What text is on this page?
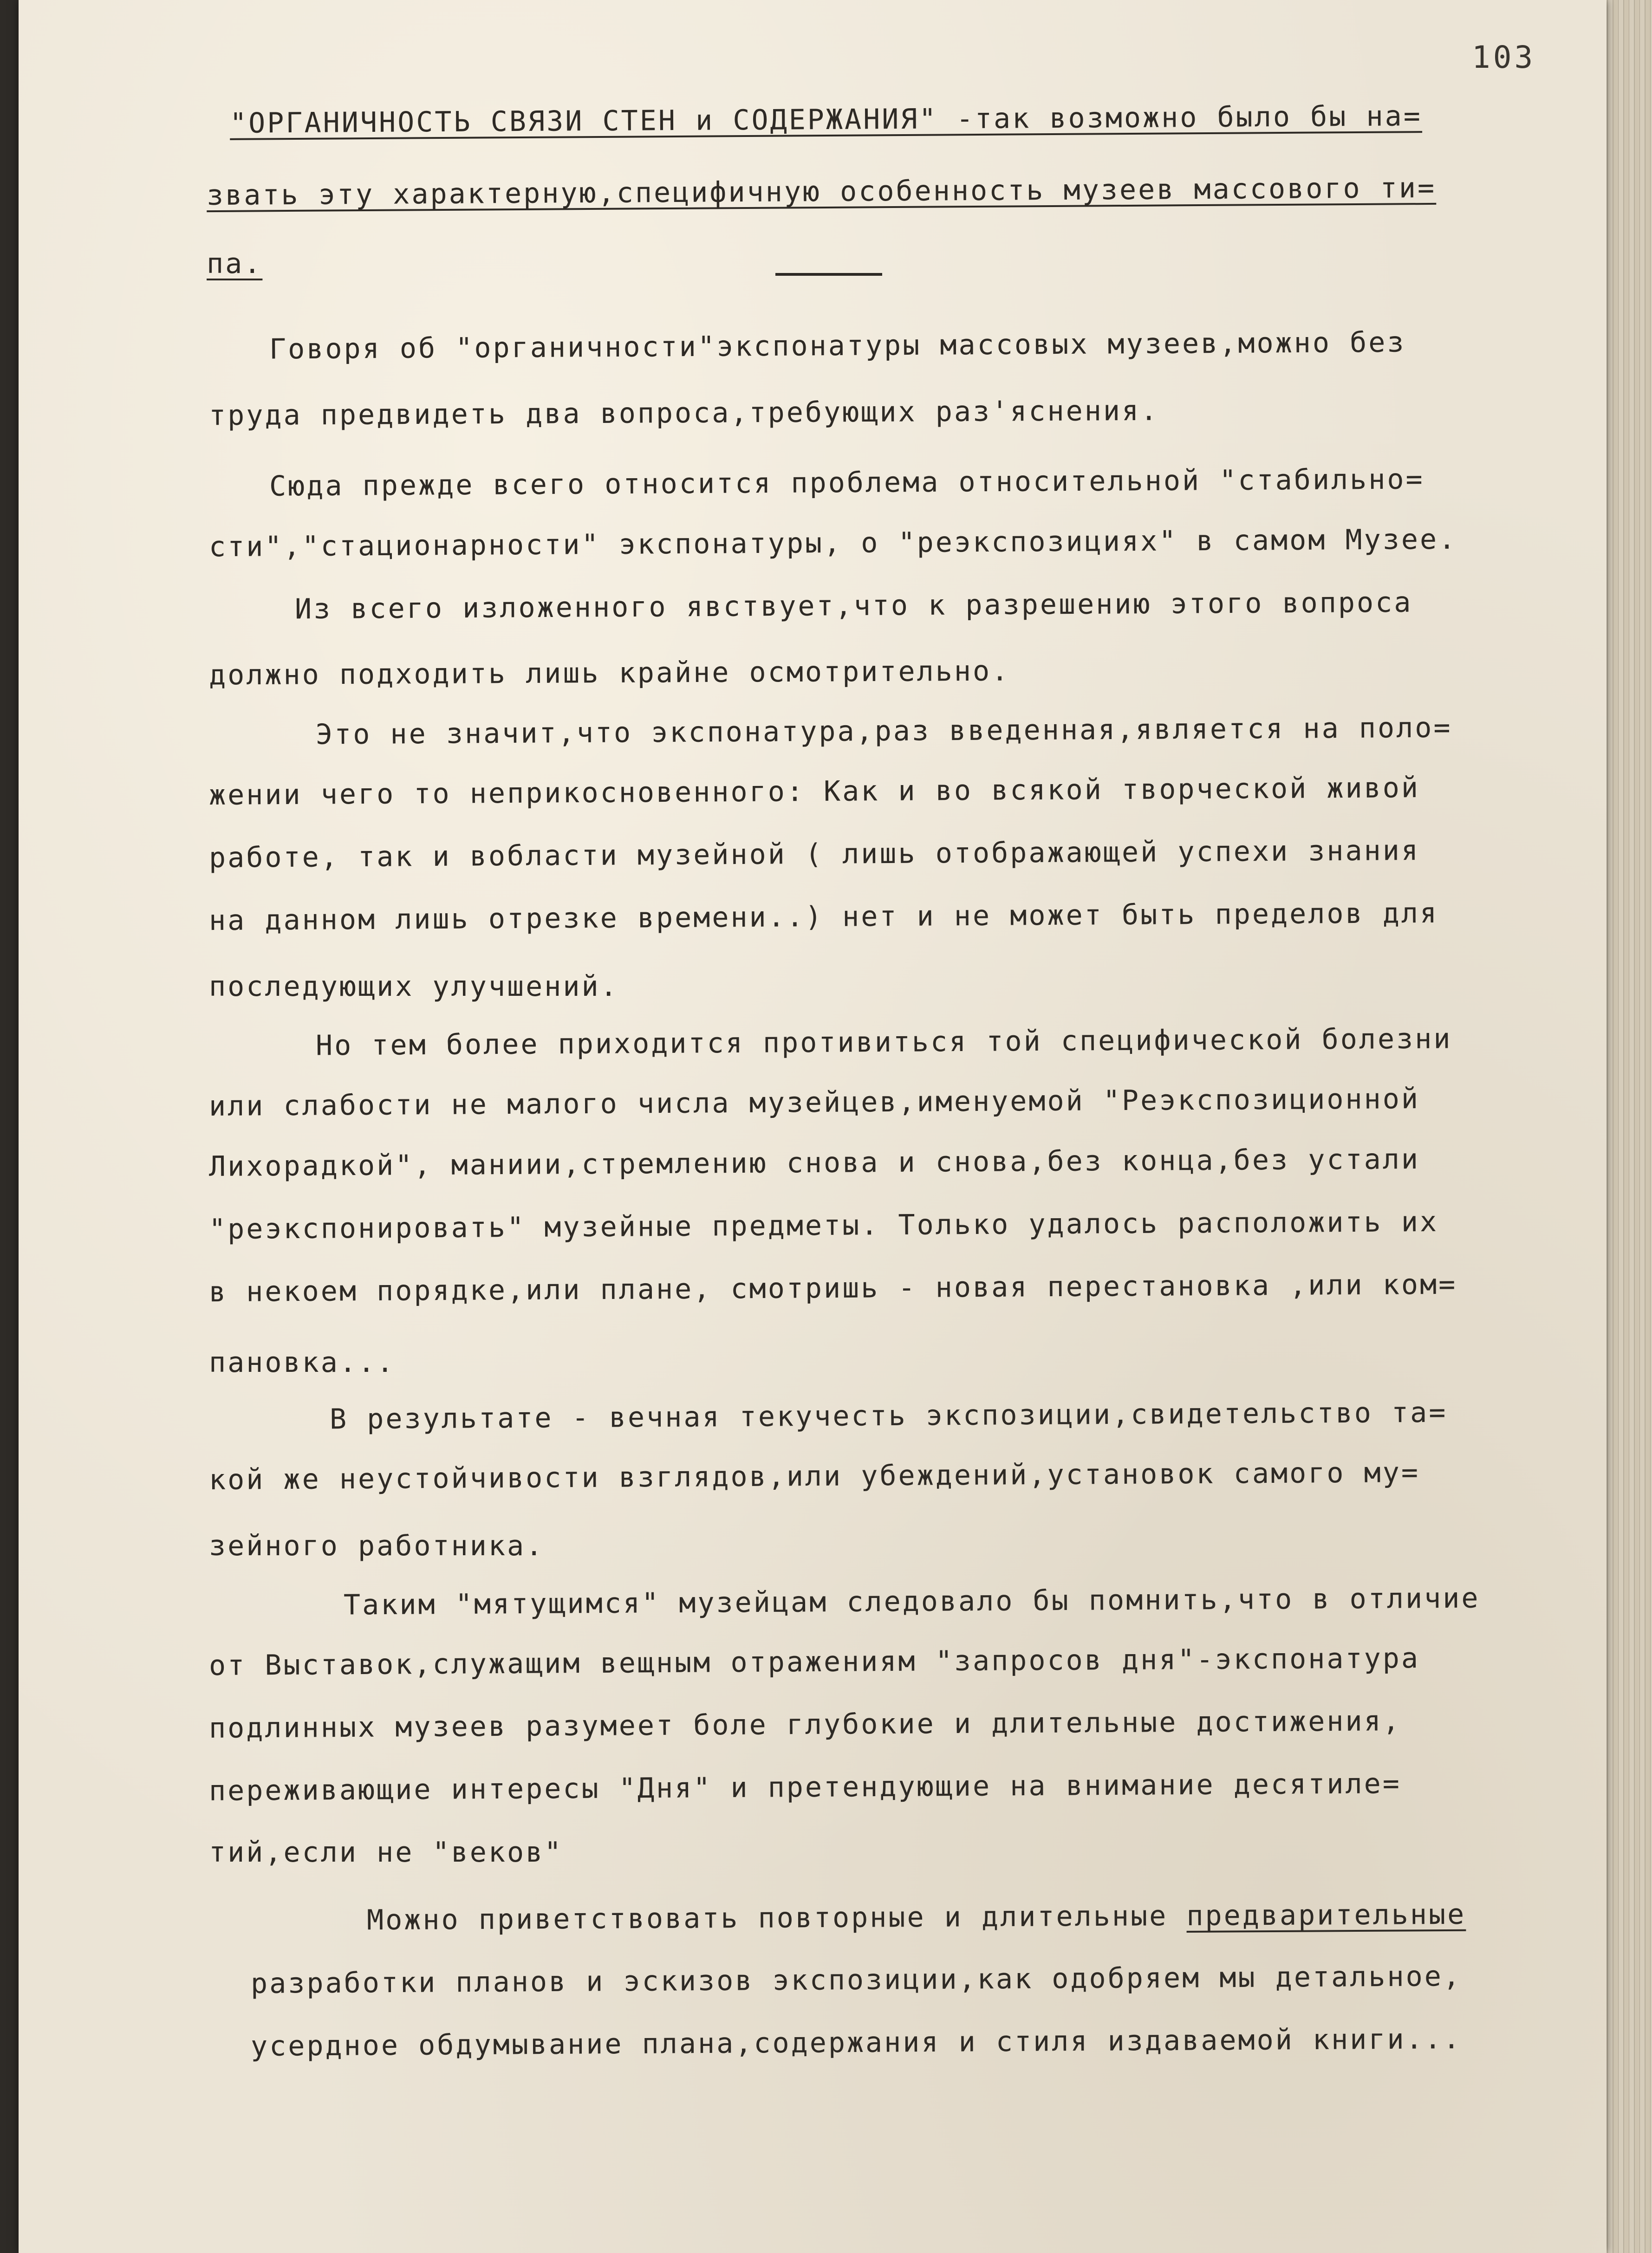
103
"ОРГАНИЧНОСТЬ СВЯЗИ СТЕН и СОДЕРЖАНИЯ" -так возможно было бы на=
звать эту характерную,специфичную особенность музеев массового ти=
па.
Говоря об "органичности"экспонатуры массовых музеев,можно без
труда предвидеть два вопроса,требующих раз'яснения.
Сюда прежде всего относится проблема относительной "стабильно=
сти","стационарности" экспонатуры, о "реэкспозициях" в самом Музее.
Из всего изложенного явствует,что к разрешению этого вопроса
должно подходить лишь крайне осмотрительно.
Это не значит,что экспонатура,раз введенная,является на поло=
жении чего то неприкосновенного: Как и во всякой творческой живой
работе, так и вобласти музейной ( лишь отображающей успехи знания
на данном лишь отрезке времени..) нет и не может быть пределов для
последующих улучшений.
Но тем более приходится противиться той специфической болезни
или слабости не малого числа музейцев,именуемой "Реэкспозиционной
Лихорадкой", маниии,стремлению снова и снова,без конца,без устали
"реэкспонировать" музейные предметы. Только удалось расположить их
в некоем порядке,или плане, смотришь - новая перестановка ,или ком=
пановка...
В результате - вечная текучесть экспозиции,свидетельство та=
кой же неустойчивости взглядов,или убеждений,установок самого му=
зейного работника.
Таким "мятущимся" музейцам следовало бы помнить,что в отличие
от Выставок,служащим вещным отражениям "запросов дня"-экспонатура
подлинных музеев разумеет боле глубокие и длительные достижения,
переживающие интересы "Дня" и претендующие на внимание десятиле=
тий,если не "веков"
Можно приветствовать повторные и длительные предварительные
разработки планов и эскизов экспозиции,как одобряем мы детальное,
усердное обдумывание плана,содержания и стиля издаваемой книги...
